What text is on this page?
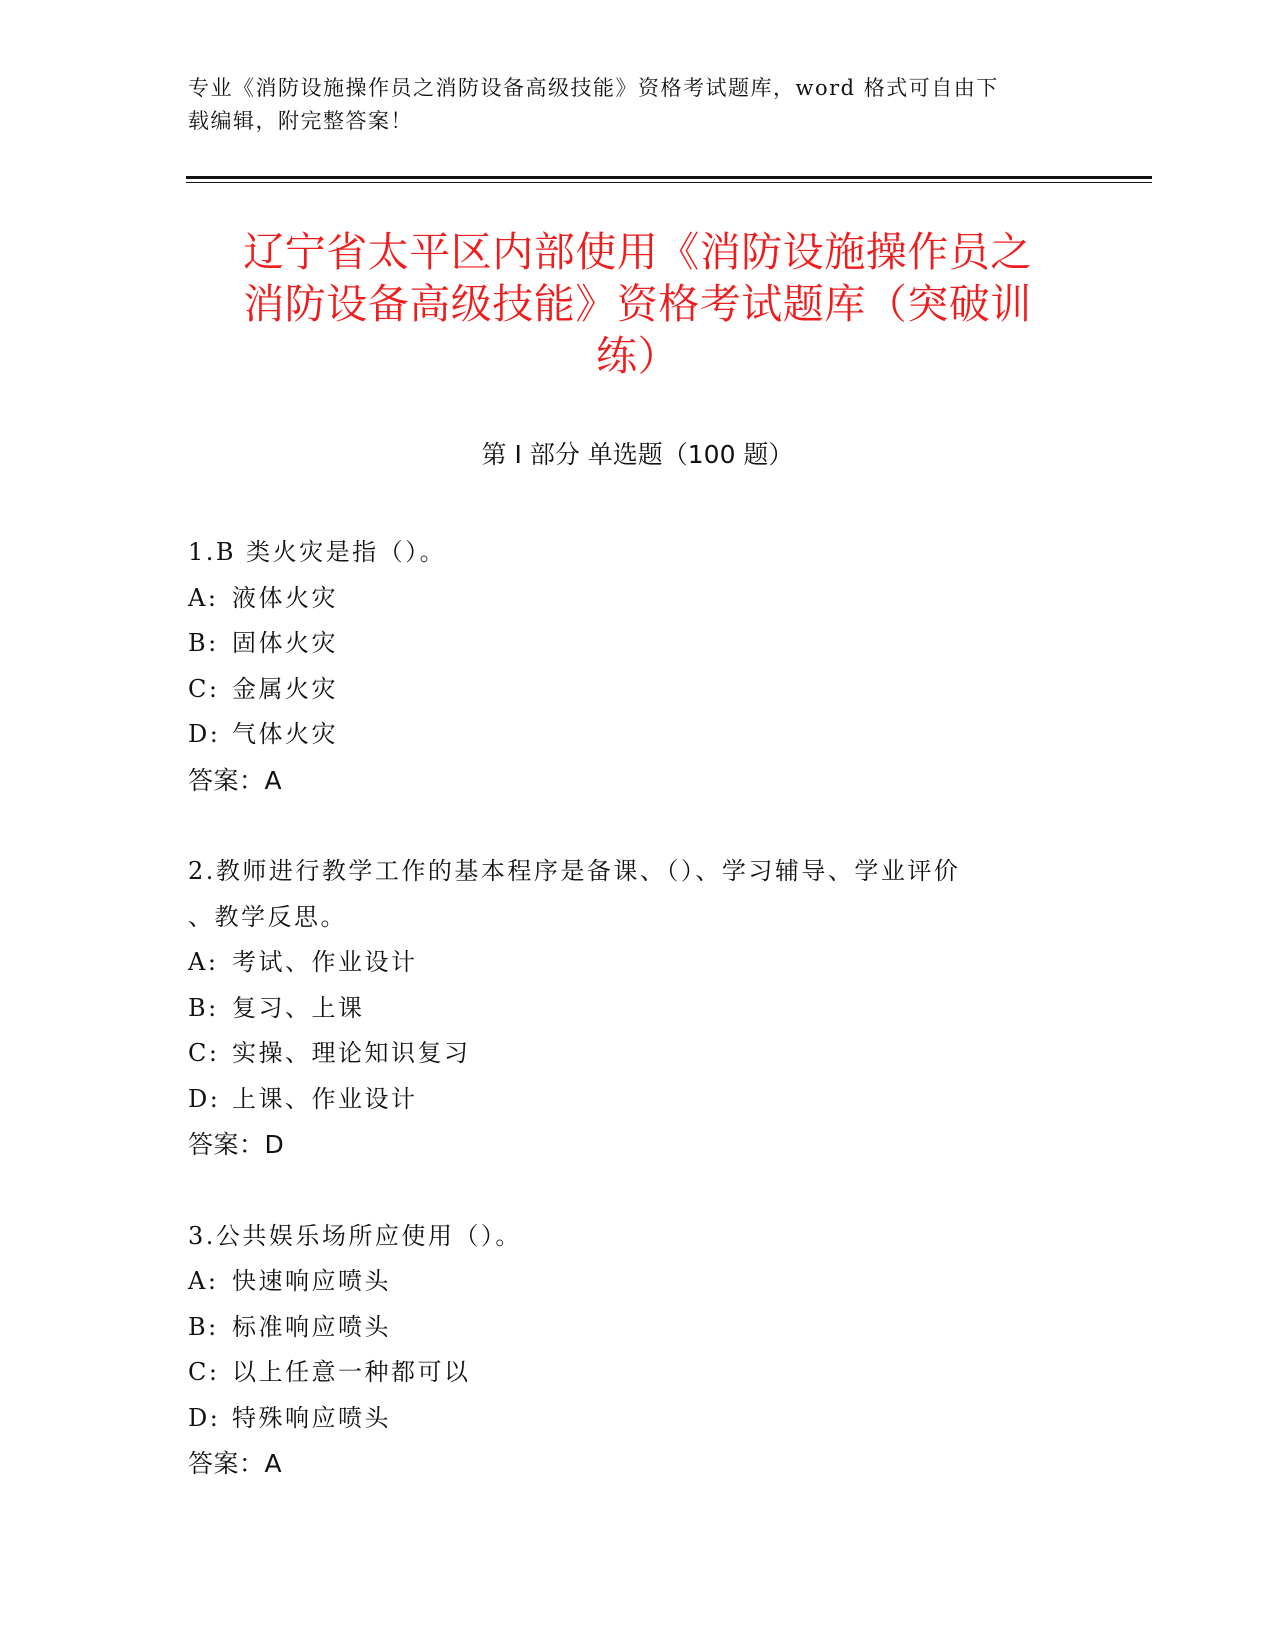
专业《消防设施操作员之消防设备高级技能》资格考试题库，word 格式可自由下
载编辑，附完整答案！
辽宁省太平区内部使用《消防设施操作员之
消防设备高级技能》资格考试题库（突破训
练）
第 I 部分 单选题（100 题）
1.B 类火灾是指（）。
A: 液体火灾
B: 固体火灾
C: 金属火灾
D: 气体火灾
答案：A
2.教师进行教学工作的基本程序是备课、（）、学习辅导、学业评价
、教学反思。
A: 考试、作业设计
B: 复习、上课
C: 实操、理论知识复习
D: 上课、作业设计
答案：D
3.公共娱乐场所应使用（）。
A: 快速响应喷头
B: 标准响应喷头
C: 以上任意一种都可以
D: 特殊响应喷头
答案：A
